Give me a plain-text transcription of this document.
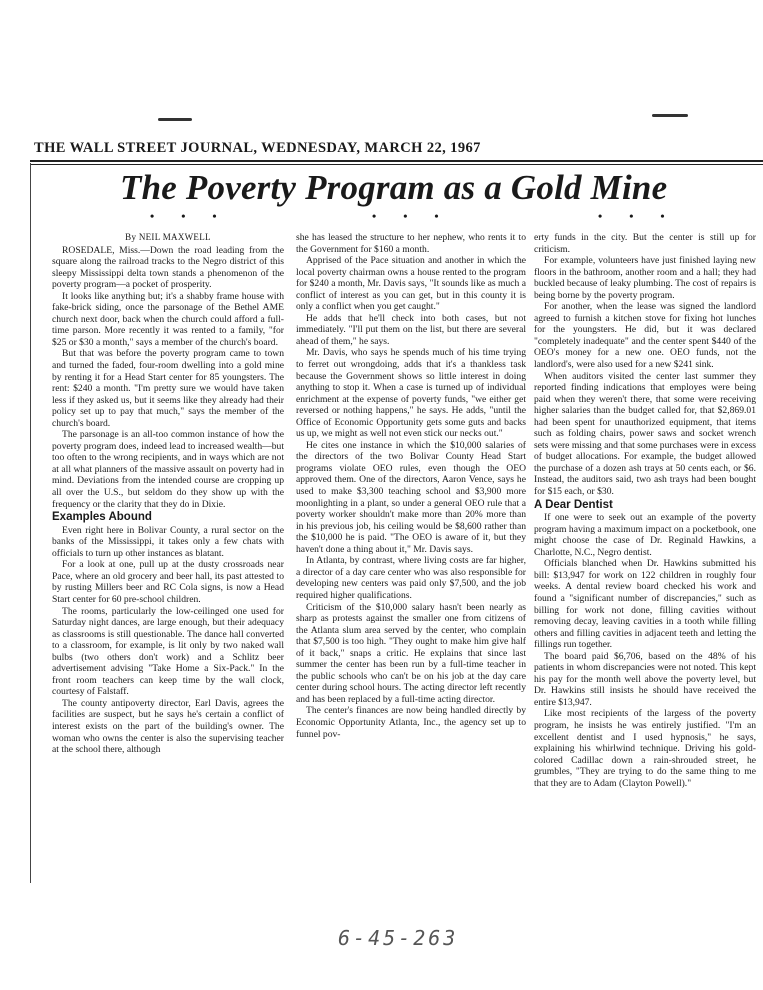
THE WALL STREET JOURNAL, WEDNESDAY, MARCH 22, 1967
The Poverty Program as a Gold Mine
• • •	• • •	• • •

By NEIL MAXWELL

ROSEDALE, Miss.—Down the road leading from the square along the railroad tracks to the Negro district of this sleepy Mississippi delta town stands a phenomenon of the poverty program—a pocket of prosperity.

It looks like anything but; it's a shabby frame house with fake-brick siding, once the parsonage of the Bethel AME church next door, back when the church could afford a full-time parson. More recently it was rented to a family, "for $25 or $30 a month," says a member of the church's board.

But that was before the poverty program came to town and turned the faded, four-room dwelling into a gold mine by renting it for a Head Start center for 85 youngsters. The rent: $240 a month. "I'm pretty sure we would have taken less if they asked us, but it seems like they already had their policy set up to pay that much," says the member of the church's board.

The parsonage is an all-too common instance of how the poverty program does, indeed lead to increased wealth—but too often to the wrong recipients, and in ways which are not at all what planners of the massive assault on poverty had in mind. Deviations from the intended course are cropping up all over the U.S., but seldom do they show up with the frequency or the clarity that they do in Dixie.

Examples Abound

Even right here in Bolivar County, a rural sector on the banks of the Mississippi, it takes only a few chats with officials to turn up other instances as blatant.

For a look at one, pull up at the dusty crossroads near Pace, where an old grocery and beer hall, its past attested to by rusting Millers beer and RC Cola signs, is now a Head Start center for 60 pre-school children.

The rooms, particularly the low-ceilinged one used for Saturday night dances, are large enough, but their adequacy as classrooms is still questionable. The dance hall converted to a classroom, for example, is lit only by two naked wall bulbs (two others don't work) and a Schlitz beer advertisement advising "Take Home a Six-Pack." In the front room teachers can keep time by the wall clock, courtesy of Falstaff.

The county antipoverty director, Earl Davis, agrees the facilities are suspect, but he says he's certain a conflict of interest exists on the part of the building's owner. The woman who owns the center is also the supervising teacher at the school there, although

she has leased the structure to her nephew, who rents it to the Government for $160 a month.

Apprised of the Pace situation and another in which the local poverty chairman owns a house rented to the program for $240 a month, Mr. Davis says, "It sounds like as much a conflict of interest as you can get, but in this county it is only a conflict when you get caught."

He adds that he'll check into both cases, but not immediately. "I'll put them on the list, but there are several ahead of them," he says.

Mr. Davis, who says he spends much of his time trying to ferret out wrongdoing, adds that it's a thankless task because the Government shows so little interest in doing anything to stop it. When a case is turned up of individual enrichment at the expense of poverty funds, "we either get reversed or nothing happens," he says. He adds, "until the Office of Economic Opportunity gets some guts and backs us up, we might as well not even stick our necks out."

He cites one instance in which the $10,000 salaries of the directors of the two Bolivar County Head Start programs violate OEO rules, even though the OEO approved them. One of the directors, Aaron Vence, says he used to make $3,300 teaching school and $3,900 more moonlighting in a plant, so under a general OEO rule that a poverty worker shouldn't make more than 20% more than in his previous job, his ceiling would be $8,600 rather than the $10,000 he is paid. "The OEO is aware of it, but they haven't done a thing about it," Mr. Davis says.

In Atlanta, by contrast, where living costs are far higher, a director of a day care center who was also responsible for developing new centers was paid only $7,500, and the job required higher qualifications.

Criticism of the $10,000 salary hasn't been nearly as sharp as protests against the smaller one from citizens of the Atlanta slum area served by the center, who complain that $7,500 is too high. "They ought to make him give half of it back," snaps a critic. He explains that since last summer the center has been run by a full-time teacher in the public schools who can't be on his job at the day care center during school hours. The acting director left recently and has been replaced by a full-time acting director.

The center's finances are now being handled directly by Economic Opportunity Atlanta, Inc., the agency set up to funnel pov-

erty funds in the city. But the center is still up for criticism.

For example, volunteers have just finished laying new floors in the bathroom, another room and a hall; they had buckled because of leaky plumbing. The cost of repairs is being borne by the poverty program.

For another, when the lease was signed the landlord agreed to furnish a kitchen stove for fixing hot lunches for the youngsters. He did, but it was declared "completely inadequate" and the center spent $440 of the OEO's money for a new one. OEO funds, not the landlord's, were also used for a new $241 sink.

When auditors visited the center last summer they reported finding indications that employes were being paid when they weren't there, that some were receiving higher salaries than the budget called for, that $2,869.01 had been spent for unauthorized equipment, that items such as folding chairs, power saws and socket wrench sets were missing and that some purchases were in excess of budget allocations. For example, the budget allowed the purchase of a dozen ash trays at 50 cents each, or $6. Instead, the auditors said, two ash trays had been bought for $15 each, or $30.

A Dear Dentist

If one were to seek out an example of the poverty program having a maximum impact on a pocketbook, one might choose the case of Dr. Reginald Hawkins, a Charlotte, N.C., Negro dentist.

Officials blanched when Dr. Hawkins submitted his bill: $13,947 for work on 122 children in roughly four weeks. A dental review board checked his work and found a "significant number of discrepancies," such as billing for work not done, filling cavities without removing decay, leaving cavities in a tooth while filling others and filling cavities in adjacent teeth and letting the fillings run together.

The board paid $6,706, based on the 48% of his patients in whom discrepancies were not noted. This kept his pay for the month well above the poverty level, but Dr. Hawkins still insists he should have received the entire $13,947.

Like most recipients of the largess of the poverty program, he insists he was entirely justified. "I'm an excellent dentist and I used hypnosis," he says, explaining his whirlwind technique. Driving his gold-colored Cadillac down a rain-shrouded street, he grumbles, "They are trying to do the same thing to me that they are to Adam (Clayton Powell)."

6-45-263
